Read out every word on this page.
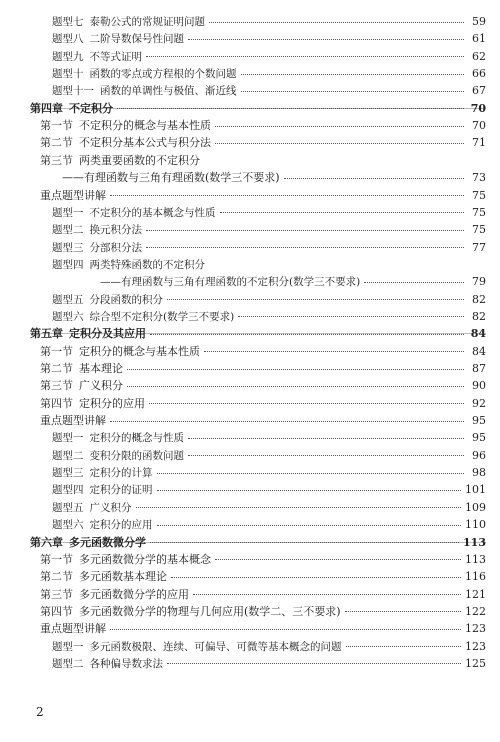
题型七 泰勒公式的常规证明问题	59
题型八 二阶导数保号性问题	61
题型九 不等式证明	62
题型十 函数的零点或方程根的个数问题	66
题型十一 函数的单调性与极值、渐近线	67
第四章 不定积分	70
第一节 不定积分的概念与基本性质	70
第二节 不定积分基本公式与积分法	71
第三节 两类重要函数的不定积分
——有理函数与三角有理函数(数学三不要求)	73
重点题型讲解	75
题型一 不定积分的基本概念与性质	75
题型二 换元积分法	75
题型三 分部积分法	77
题型四 两类特殊函数的不定积分
——有理函数与三角有理函数的不定积分(数学三不要求)	79
题型五 分段函数的积分	82
题型六 综合型不定积分(数学三不要求)	82
第五章 定积分及其应用	84
第一节 定积分的概念与基本性质	84
第二节 基本理论	87
第三节 广义积分	90
第四节 定积分的应用	92
重点题型讲解	95
题型一 定积分的概念与性质	95
题型二 变积分限的函数问题	96
题型三 定积分的计算	98
题型四 定积分的证明	101
题型五 广义积分	109
题型六 定积分的应用	110
第六章 多元函数微分学	113
第一节 多元函数微分学的基本概念	113
第二节 多元函数基本理论	116
第三节 多元函数微分学的应用	121
第四节 多元函数微分学的物理与几何应用(数学二、三不要求)	122
重点题型讲解	123
题型一 多元函数极限、连续、可偏导、可微等基本概念的问题	123
题型二 各种偏导数求法	125
2
